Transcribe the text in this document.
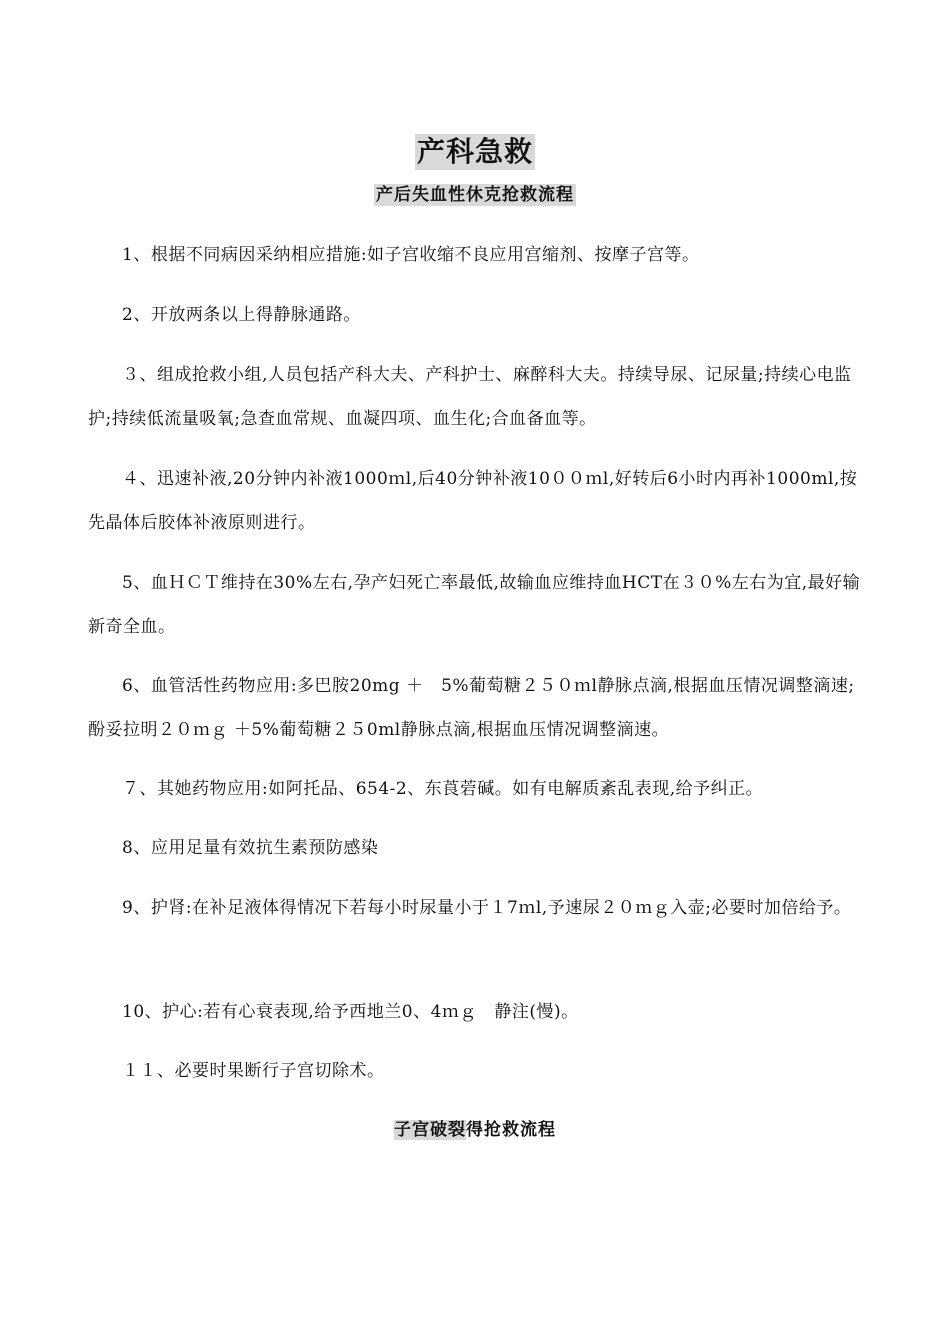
产科急救
产后失血性休克抢救流程
1、根据不同病因采纳相应措施:如子宫收缩不良应用宫缩剂、按摩子宫等。
2、开放两条以上得静脉通路。
３、组成抢救小组,人员包括产科大夫、产科护士、麻醉科大夫。持续导尿、记尿量;持续心电监护;持续低流量吸氧;急查血常规、血凝四项、血生化;合血备血等。
４、迅速补液,20分钟内补液1000ｍl,后40分钟补液10００ｍl,好转后6小时内再补1000ml,按先晶体后胶体补液原则进行。
5、血ＨＣＴ维持在30%左右,孕产妇死亡率最低,故输血应维持血HCT在３０%左右为宜,最好输新奇全血。
6、血管活性药物应用:多巴胺20mg ＋　5%葡萄糖２５０ｍl静脉点滴,根据血压情况调整滴速;酚妥拉明２０ｍｇ ＋5%葡萄糖２５0ml静脉点滴,根据血压情况调整滴速。
７、其她药物应用:如阿托品、654-2、东莨菪碱。如有电解质紊乱表现,给予纠正。
8、应用足量有效抗生素预防感染
9、护肾:在补足液体得情况下若每小时尿量小于１7ｍl,予速尿２０ｍｇ入壶;必要时加倍给予。
10、护心:若有心衰表现,给予西地兰0、4ｍｇ　静注(慢)。
１１、必要时果断行子宫切除术。
子宫破裂得抢救流程
